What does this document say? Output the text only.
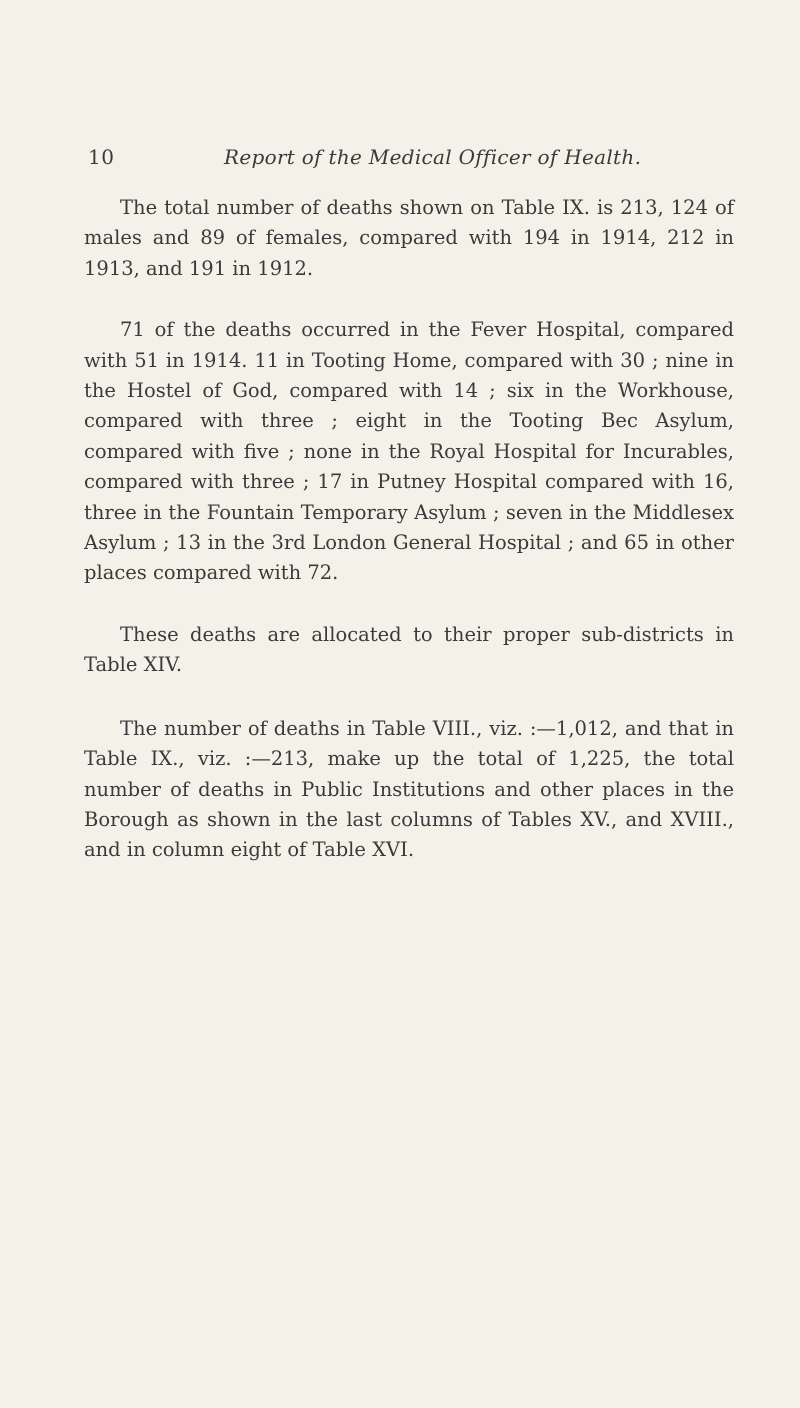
10	Report of the Medical Officer of Health.

The total number of deaths shown on Table IX. is 213, 124 of males and 89 of females, compared with 194 in 1914, 212 in 1913, and 191 in 1912.

71 of the deaths occurred in the Fever Hospital, compared with 51 in 1914. 11 in Tooting Home, compared with 30 ; nine in the Hostel of God, compared with 14 ; six in the Workhouse, compared with three ; eight in the Tooting Bec Asylum, compared with five ; none in the Royal Hospital for Incurables, compared with three ; 17 in Putney Hospital compared with 16, three in the Fountain Temporary Asylum ; seven in the Middlesex Asylum ; 13 in the 3rd London General Hospital ; and 65 in other places compared with 72.

These deaths are allocated to their proper sub-districts in Table XIV.

The number of deaths in Table VIII., viz. :—1,012, and that in Table IX., viz. :—213, make up the total of 1,225, the total number of deaths in Public Institutions and other places in the Borough as shown in the last columns of Tables XV., and XVIII., and in column eight of Table XVI.
